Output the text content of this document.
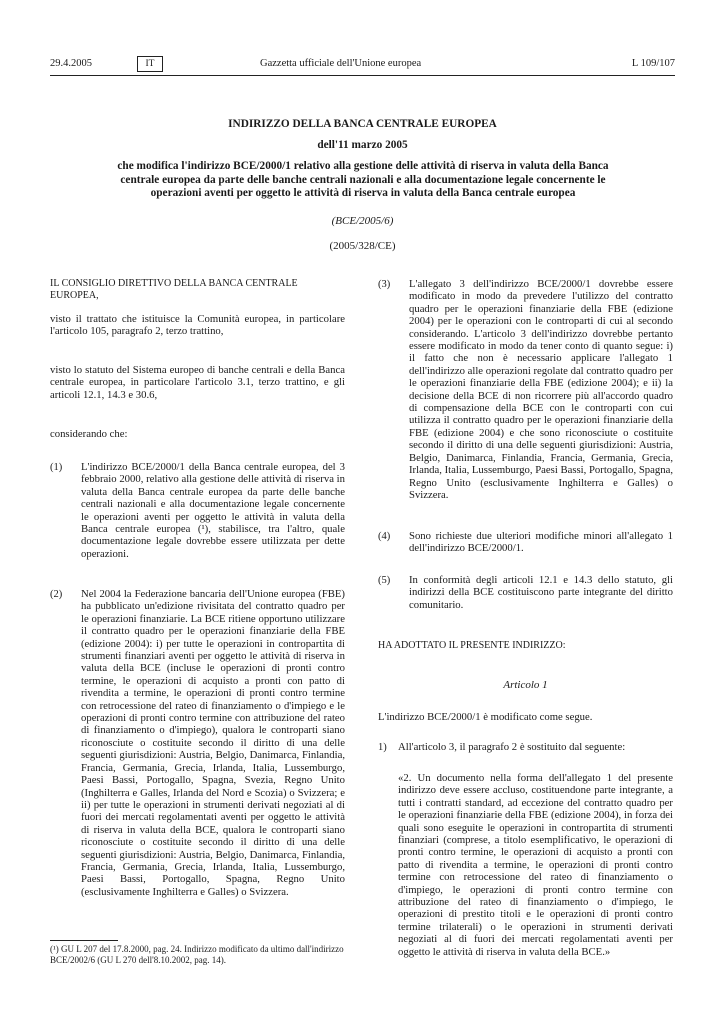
29.4.2005	IT	Gazzetta ufficiale dell'Unione europea	L 109/107
INDIRIZZO DELLA BANCA CENTRALE EUROPEA
dell'11 marzo 2005
che modifica l'indirizzo BCE/2000/1 relativo alla gestione delle attività di riserva in valuta della Banca centrale europea da parte delle banche centrali nazionali e alla documentazione legale concernente le operazioni aventi per oggetto le attività di riserva in valuta della Banca centrale europea
(BCE/2005/6)
(2005/328/CE)
IL CONSIGLIO DIRETTIVO DELLA BANCA CENTRALE EUROPEA,
visto il trattato che istituisce la Comunità europea, in particolare l'articolo 105, paragrafo 2, terzo trattino,
visto lo statuto del Sistema europeo di banche centrali e della Banca centrale europea, in particolare l'articolo 3.1, terzo trattino, e gli articoli 12.1, 14.3 e 30.6,
considerando che:
(1) L'indirizzo BCE/2000/1 della Banca centrale europea, del 3 febbraio 2000, relativo alla gestione delle attività di riserva in valuta della Banca centrale europea da parte delle banche centrali nazionali e alla documentazione legale concernente le operazioni aventi per oggetto le attività in valuta della Banca centrale europea (¹), stabilisce, tra l'altro, quale documentazione legale dovrebbe essere utilizzata per dette operazioni.
(2) Nel 2004 la Federazione bancaria dell'Unione europea (FBE) ha pubblicato un'edizione rivisitata del contratto quadro per le operazioni finanziarie. La BCE ritiene opportuno utilizzare il contratto quadro per le operazioni finanziarie della FBE (edizione 2004): i) per tutte le operazioni in contropartita di strumenti finanziari aventi per oggetto le attività di riserva in valuta della BCE (incluse le operazioni di pronti contro termine, le operazioni di acquisto a pronti con patto di rivendita a termine, le operazioni di pronti contro termine con retrocessione del rateo di finanziamento o d'impiego e le operazioni di pronti contro termine con attribuzione del rateo di finanziamento o d'impiego), qualora le controparti siano riconosciute o costituite secondo il diritto di una delle seguenti giurisdizioni: Austria, Belgio, Danimarca, Finlandia, Francia, Germania, Grecia, Irlanda, Italia, Lussemburgo, Paesi Bassi, Portogallo, Spagna, Svezia, Regno Unito (Inghilterra e Galles, Irlanda del Nord e Scozia) o Svizzera; e ii) per tutte le operazioni in strumenti derivati negoziati al di fuori dei mercati regolamentati aventi per oggetto le attività di riserva in valuta della BCE, qualora le controparti siano riconosciute o costituite secondo il diritto di una delle seguenti giurisdizioni: Austria, Belgio, Danimarca, Finlandia, Francia, Germania, Grecia, Irlanda, Italia, Lussemburgo, Paesi Bassi, Portogallo, Spagna, Regno Unito (esclusivamente Inghilterra e Galles) o Svizzera.
(¹) GU L 207 del 17.8.2000, pag. 24. Indirizzo modificato da ultimo dall'indirizzo BCE/2002/6 (GU L 270 dell'8.10.2002, pag. 14).
(3) L'allegato 3 dell'indirizzo BCE/2000/1 dovrebbe essere modificato in modo da prevedere l'utilizzo del contratto quadro per le operazioni finanziarie della FBE (edizione 2004) per le operazioni con le controparti di cui al secondo considerando. L'articolo 3 dell'indirizzo dovrebbe pertanto essere modificato in modo da tener conto di quanto segue: i) il fatto che non è necessario applicare l'allegato 1 dell'indirizzo alle operazioni regolate dal contratto quadro per le operazioni finanziarie della FBE (edizione 2004); e ii) la decisione della BCE di non ricorrere più all'accordo quadro di compensazione della BCE con le controparti con cui utilizza il contratto quadro per le operazioni finanziarie della FBE (edizione 2004) e che sono riconosciute o costituite secondo il diritto di una delle seguenti giurisdizioni: Austria, Belgio, Danimarca, Finlandia, Francia, Germania, Grecia, Irlanda, Italia, Lussemburgo, Paesi Bassi, Portogallo, Spagna, Regno Unito (esclusivamente Inghilterra e Galles) o Svizzera.
(4) Sono richieste due ulteriori modifiche minori all'allegato 1 dell'indirizzo BCE/2000/1.
(5) In conformità degli articoli 12.1 e 14.3 dello statuto, gli indirizzi della BCE costituiscono parte integrante del diritto comunitario.
HA ADOTTATO IL PRESENTE INDIRIZZO:
Articolo 1
L'indirizzo BCE/2000/1 è modificato come segue.
1) All'articolo 3, il paragrafo 2 è sostituito dal seguente:
«2. Un documento nella forma dell'allegato 1 del presente indirizzo deve essere accluso, costituendone parte integrante, a tutti i contratti standard, ad eccezione del contratto quadro per le operazioni finanziarie della FBE (edizione 2004), in forza dei quali sono eseguite le operazioni in contropartita di strumenti finanziari (comprese, a titolo esemplificativo, le operazioni di pronti contro termine, le operazioni di acquisto a pronti con patto di rivendita a termine, le operazioni di pronti contro termine con retrocessione del rateo di finanziamento o d'impiego, le operazioni di pronti contro termine con attribuzione del rateo di finanziamento o d'impiego, le operazioni di prestito titoli e le operazioni di pronti contro termine trilaterali) o le operazioni in strumenti derivati negoziati al di fuori dei mercati regolamentati aventi per oggetto le attività di riserva in valuta della BCE.»
